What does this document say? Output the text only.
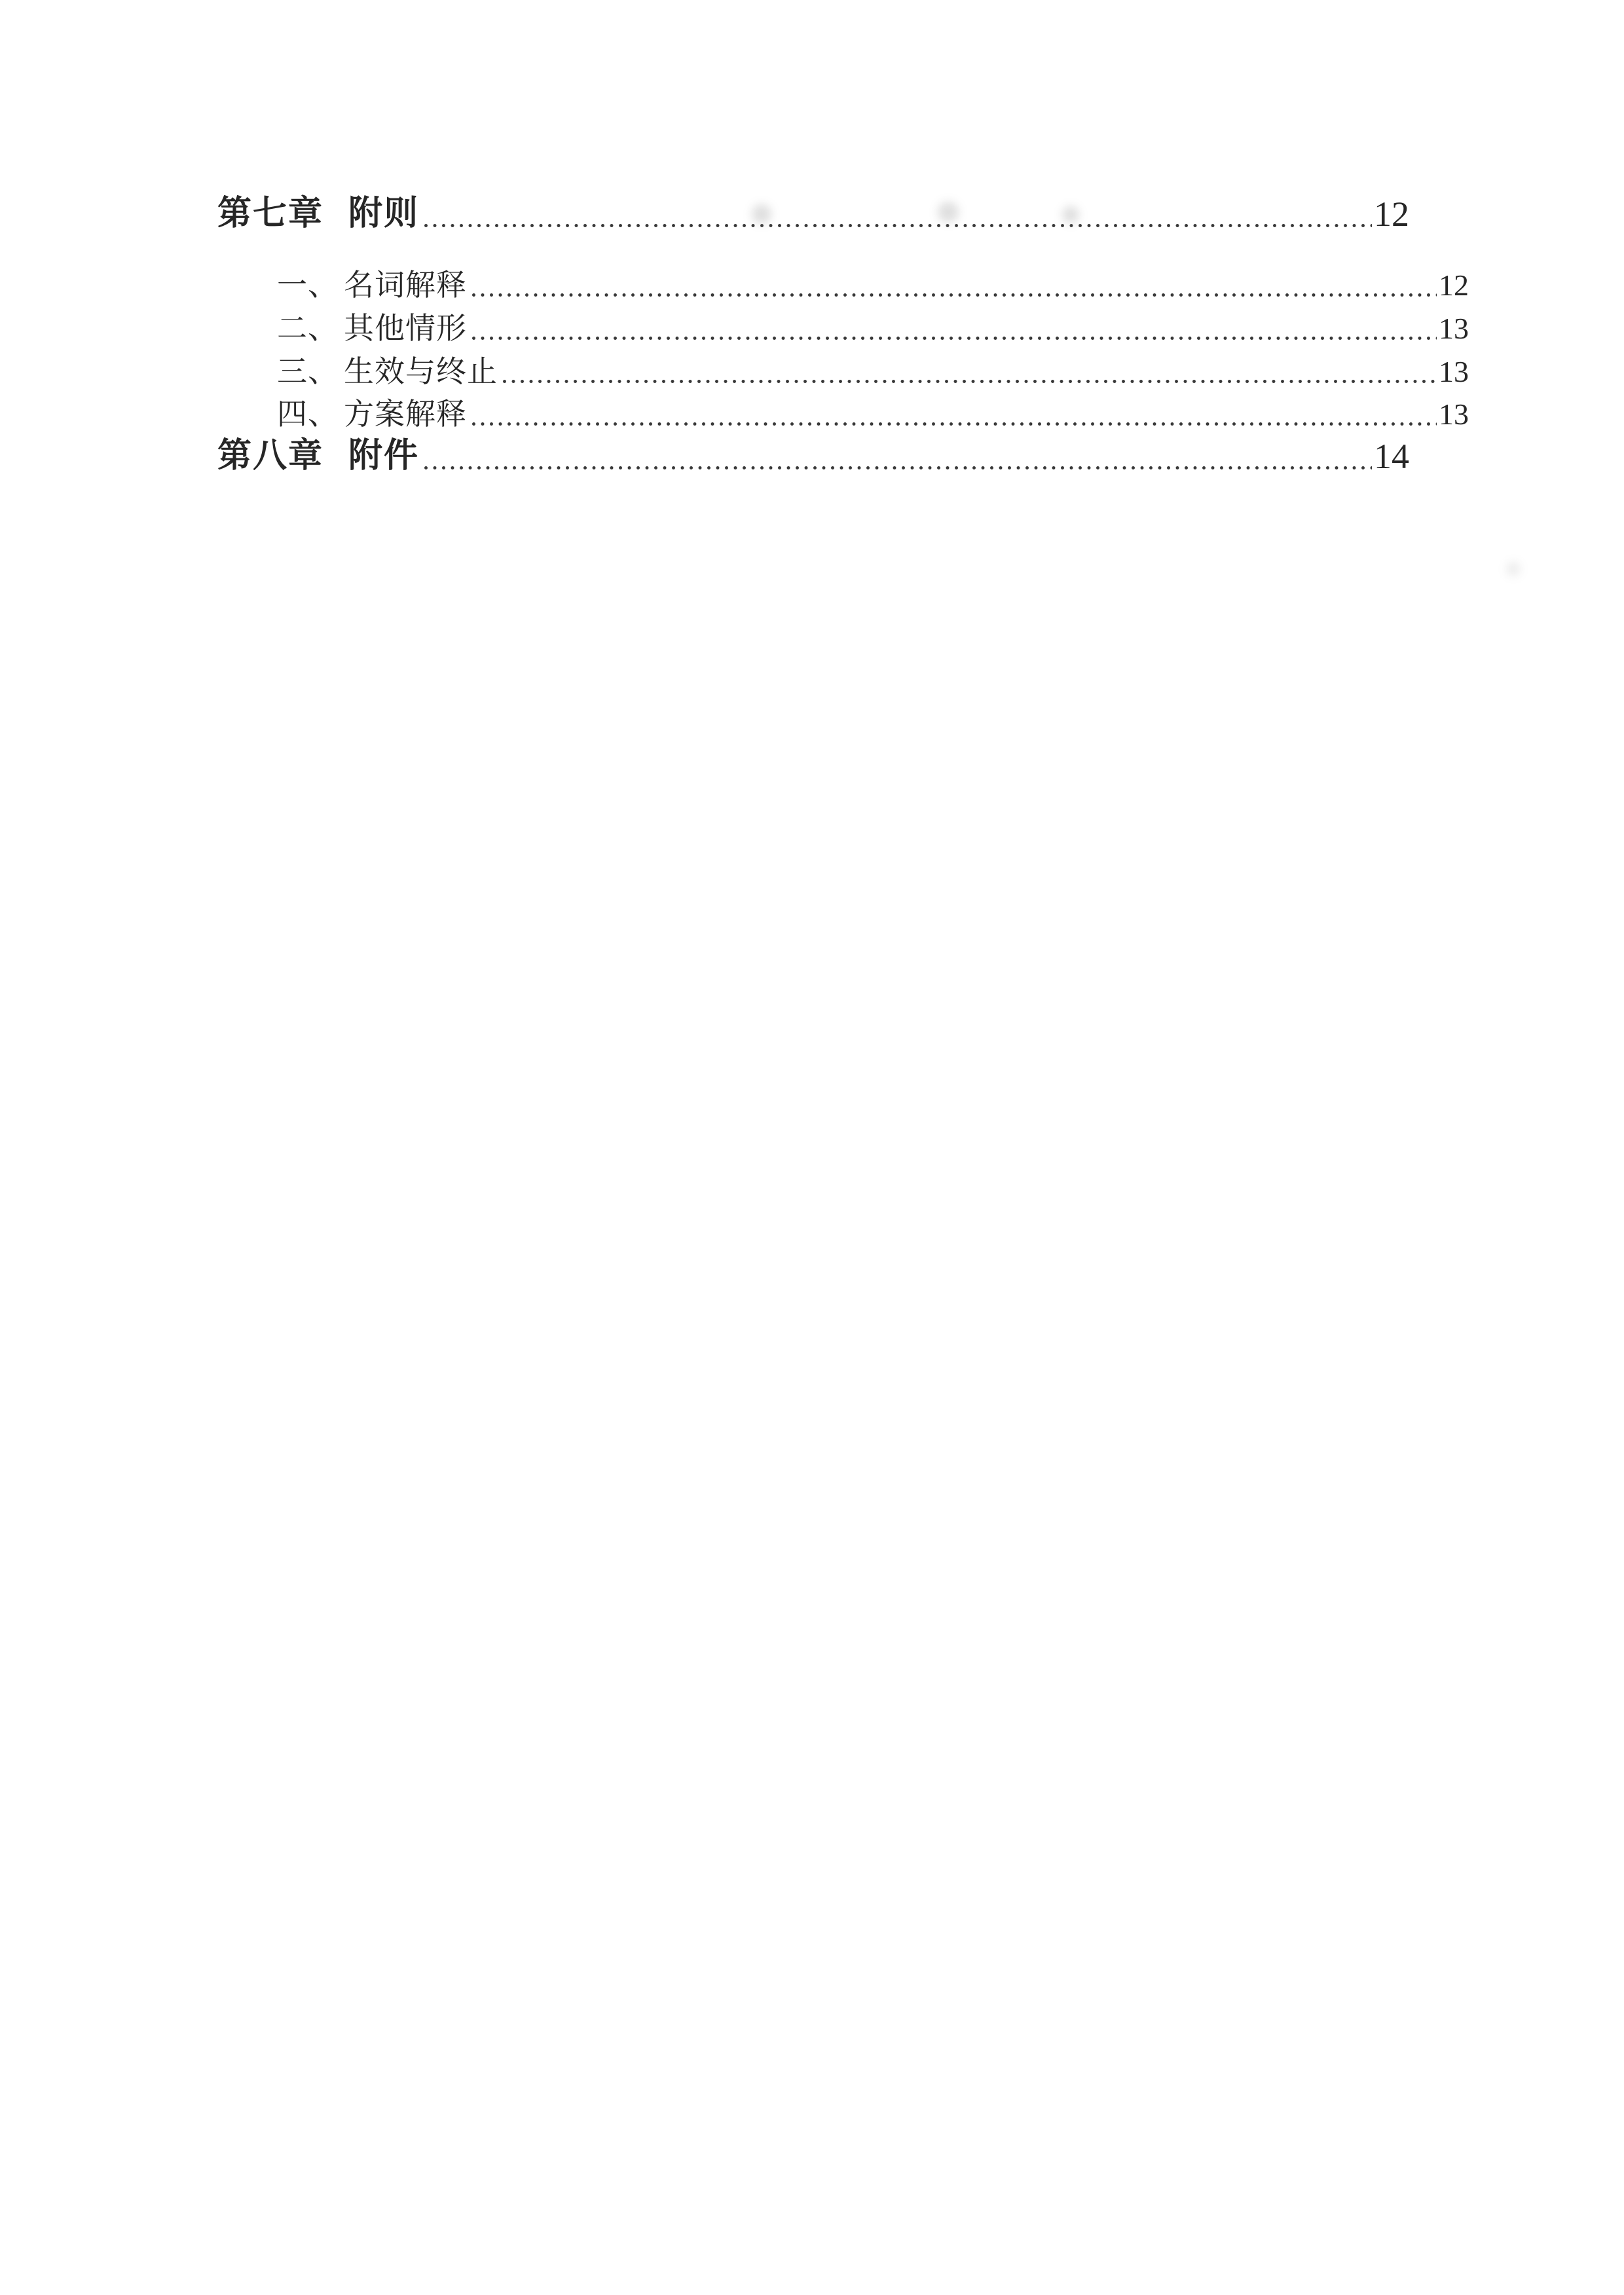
第七章 附则	12
一、 名词解释	12
二、 其他情形	13
三、 生效与终止	13
四、 方案解释	13
第八章 附件	14
